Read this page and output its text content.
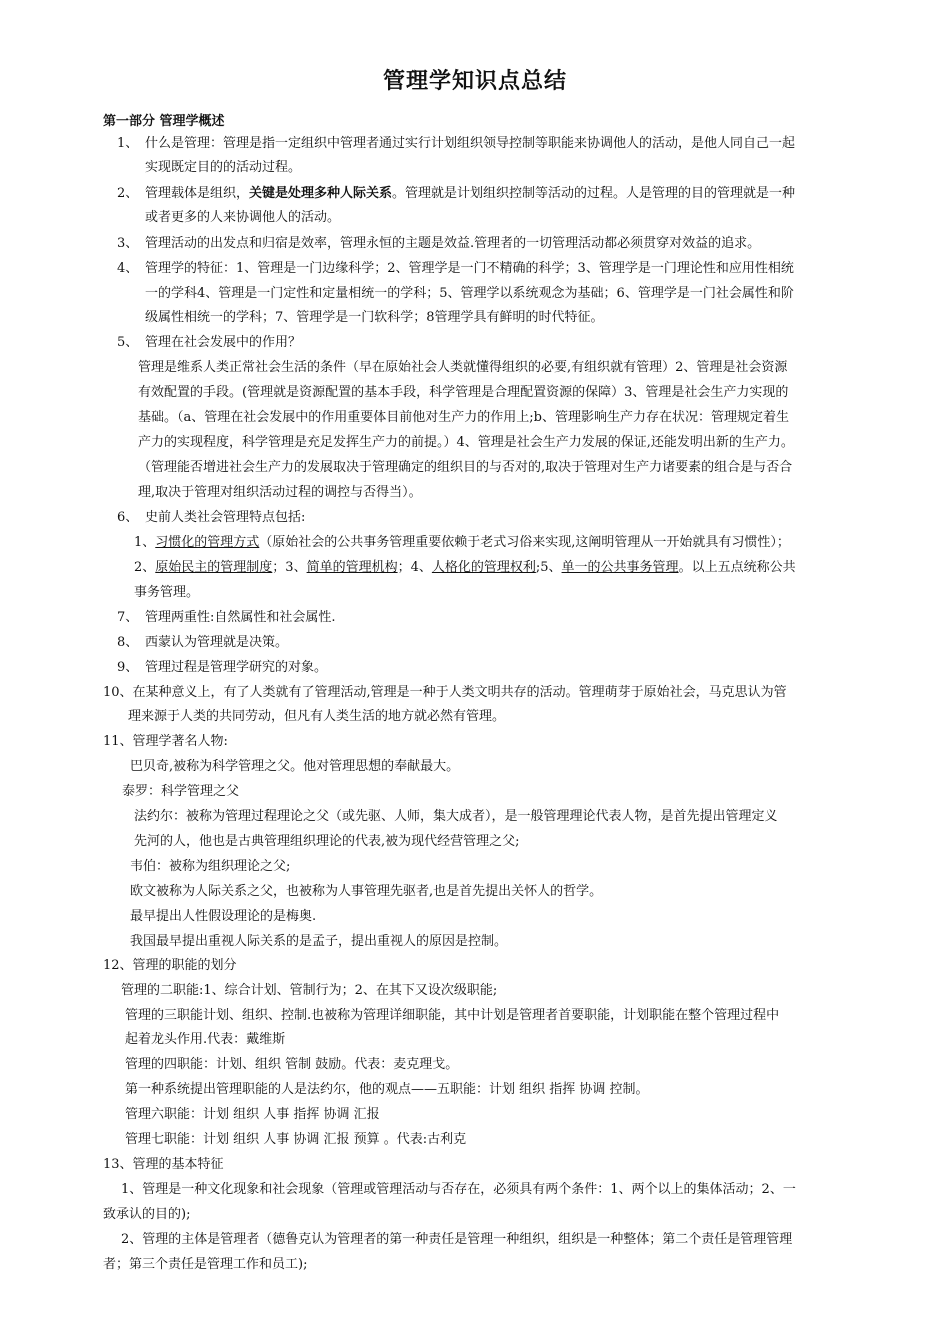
管理学知识点总结
第一部分 管理学概述
1、 什么是管理：管理是指一定组织中管理者通过实行计划组织领导控制等职能来协调他人的活动，是他人同自己一起
实现既定目的的活动过程。
2、 管理载体是组织，关键是处理多种人际关系。管理就是计划组织控制等活动的过程。人是管理的目的管理就是一种
或者更多的人来协调他人的活动。
3、 管理活动的出发点和归宿是效率，管理永恒的主题是效益.管理者的一切管理活动都必须贯穿对效益的追求。
4、 管理学的特征：1、管理是一门边缘科学；2、管理学是一门不精确的科学；3、管理学是一门理论性和应用性相统
一的学科4、管理是一门定性和定量相统一的学科；5、管理学以系统观念为基础；6、管理学是一门社会属性和阶
级属性相统一的学科；7、管理学是一门软科学；8管理学具有鲜明的时代特征。
5、 管理在社会发展中的作用？
管理是维系人类正常社会生活的条件（早在原始社会人类就懂得组织的必要,有组织就有管理）2、管理是社会资源
有效配置的手段。(管理就是资源配置的基本手段，科学管理是合理配置资源的保障）3、管理是社会生产力实现的
基础。（a、管理在社会发展中的作用重要体目前他对生产力的作用上;b、管理影响生产力存在状况：管理规定着生
产力的实现程度，科学管理是充足发挥生产力的前提。）4、管理是社会生产力发展的保证,还能发明出新的生产力。
（管理能否增进社会生产力的发展取决于管理确定的组织目的与否对的,取决于管理对生产力诸要素的组合是与否合
理,取决于管理对组织活动过程的调控与否得当）。
6、 史前人类社会管理特点包括:
1、习惯化的管理方式（原始社会的公共事务管理重要依赖于老式习俗来实现,这阐明管理从一开始就具有习惯性）；
2、原始民主的管理制度；3、简单的管理机构；4、人格化的管理权利;5、单一的公共事务管理。以上五点统称公共
事务管理。
7、 管理两重性:自然属性和社会属性.
8、 西蒙认为管理就是决策。
9、 管理过程是管理学研究的对象。
10、在某种意义上，有了人类就有了管理活动,管理是一种于人类文明共存的活动。管理萌芽于原始社会，马克思认为管
理来源于人类的共同劳动，但凡有人类生活的地方就必然有管理。
11、管理学著名人物:
巴贝奇,被称为科学管理之父。他对管理思想的奉献最大。
泰罗：科学管理之父
法约尔：被称为管理过程理论之父（或先驱、人师，集大成者），是一般管理理论代表人物，是首先提出管理定义
先河的人，他也是古典管理组织理论的代表,被为现代经营管理之父;
韦伯：被称为组织理论之父;
欧文被称为人际关系之父，也被称为人事管理先驱者,也是首先提出关怀人的哲学。
最早提出人性假设理论的是梅奥.
我国最早提出重视人际关系的是孟子，提出重视人的原因是控制。
12、管理的职能的划分
管理的二职能:1、综合计划、管制行为；2、在其下又设次级职能;
管理的三职能计划、组织、控制.也被称为管理详细职能，其中计划是管理者首要职能，计划职能在整个管理过程中
起着龙头作用.代表：戴维斯
管理的四职能：计划、组织 管制 鼓励。代表：麦克理戈。
第一种系统提出管理职能的人是法约尔，他的观点——五职能：计划 组织 指挥 协调 控制。
管理六职能：计划 组织 人事 指挥 协调 汇报
管理七职能：计划 组织 人事 协调 汇报 预算 。代表:古利克
13、管理的基本特征
1、管理是一种文化现象和社会现象（管理或管理活动与否存在，必须具有两个条件：1、两个以上的集体活动；2、一
致承认的目的);
2、管理的主体是管理者（德鲁克认为管理者的第一种责任是管理一种组织，组织是一种整体；第二个责任是管理管理
者；第三个责任是管理工作和员工);
